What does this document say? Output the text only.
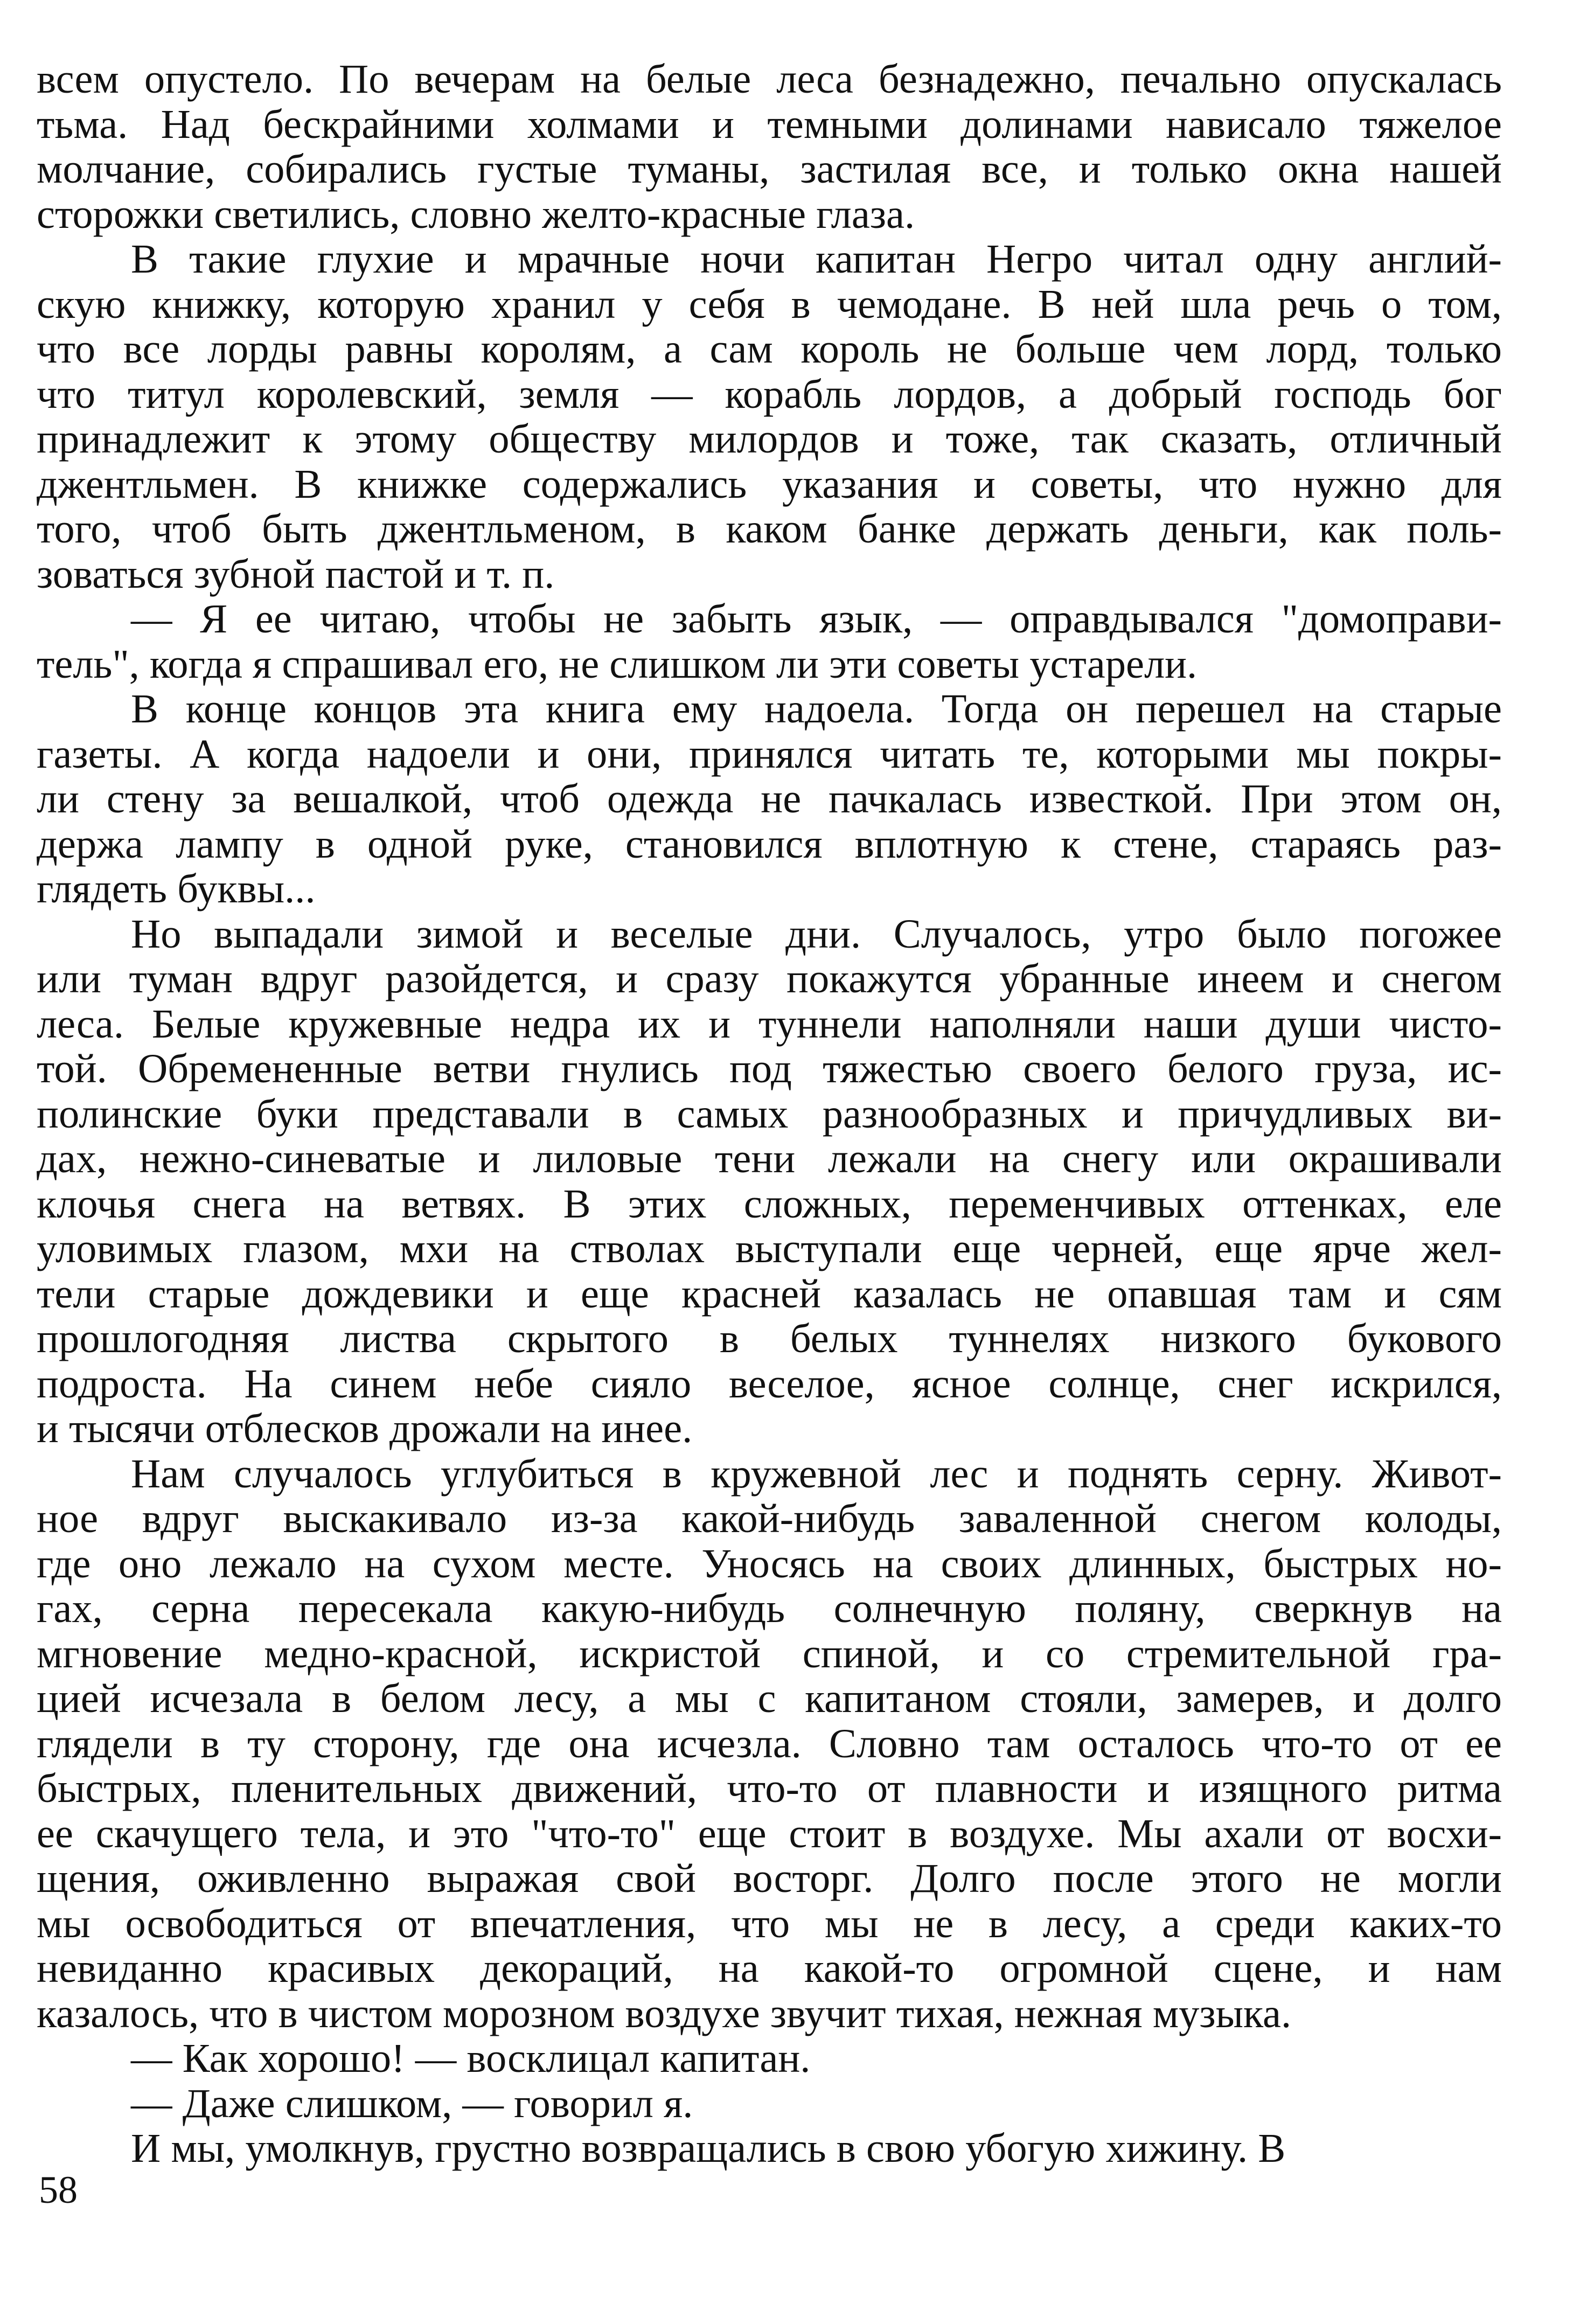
всем опустело. По вечерам на белые леса безнадежно, печально опускалась
тьма. Над бескрайними холмами и темными долинами нависало тяжелое
молчание, собирались густые туманы, застилая все, и только окна нашей
сторожки светились, словно желто-красные глаза.
В такие глухие и мрачные ночи капитан Негро читал одну англий-
скую книжку, которую хранил у себя в чемодане. В ней шла речь о том,
что все лорды равны королям, а сам король не больше чем лорд, только
что титул королевский, земля — корабль лордов, а добрый господь бог
принадлежит к этому обществу милордов и тоже, так сказать, отличный
джентльмен. В книжке содержались указания и советы, что нужно для
того, чтоб быть джентльменом, в каком банке держать деньги, как поль-
зоваться зубной пастой и т. п.
— Я ее читаю, чтобы не забыть язык, — оправдывался "домоправи-
тель", когда я спрашивал его, не слишком ли эти советы устарели.
В конце концов эта книга ему надоела. Тогда он перешел на старые
газеты. А когда надоели и они, принялся читать те, которыми мы покры-
ли стену за вешалкой, чтоб одежда не пачкалась известкой. При этом он,
держа лампу в одной руке, становился вплотную к стене, стараясь раз-
глядеть буквы...
Но выпадали зимой и веселые дни. Случалось, утро было погожее
или туман вдруг разойдется, и сразу покажутся убранные инеем и снегом
леса. Белые кружевные недра их и туннели наполняли наши души чисто-
той. Обремененные ветви гнулись под тяжестью своего белого груза, ис-
полинские буки представали в самых разнообразных и причудливых ви-
дах, нежно-синеватые и лиловые тени лежали на снегу или окрашивали
клочья снега на ветвях. В этих сложных, переменчивых оттенках, еле
уловимых глазом, мхи на стволах выступали еще черней, еще ярче жел-
тели старые дождевики и еще красней казалась не опавшая там и сям
прошлогодняя листва скрытого в белых туннелях низкого букового
подроста. На синем небе сияло веселое, ясное солнце, снег искрился,
и тысячи отблесков дрожали на инее.
Нам случалось углубиться в кружевной лес и поднять серну. Живот-
ное вдруг выскакивало из-за какой-нибудь заваленной снегом колоды,
где оно лежало на сухом месте. Уносясь на своих длинных, быстрых но-
гах, серна пересекала какую-нибудь солнечную поляну, сверкнув на
мгновение медно-красной, искристой спиной, и со стремительной гра-
цией исчезала в белом лесу, а мы с капитаном стояли, замерев, и долго
глядели в ту сторону, где она исчезла. Словно там осталось что-то от ее
быстрых, пленительных движений, что-то от плавности и изящного ритма
ее скачущего тела, и это "что-то" еще стоит в воздухе. Мы ахали от восхи-
щения, оживленно выражая свой восторг. Долго после этого не могли
мы освободиться от впечатления, что мы не в лесу, а среди каких-то
невиданно красивых декораций, на какой-то огромной сцене, и нам
казалось, что в чистом морозном воздухе звучит тихая, нежная музыка.
— Как хорошо! — восклицал капитан.
— Даже слишком, — говорил я.
И мы, умолкнув, грустно возвращались в свою убогую хижину. В
58
